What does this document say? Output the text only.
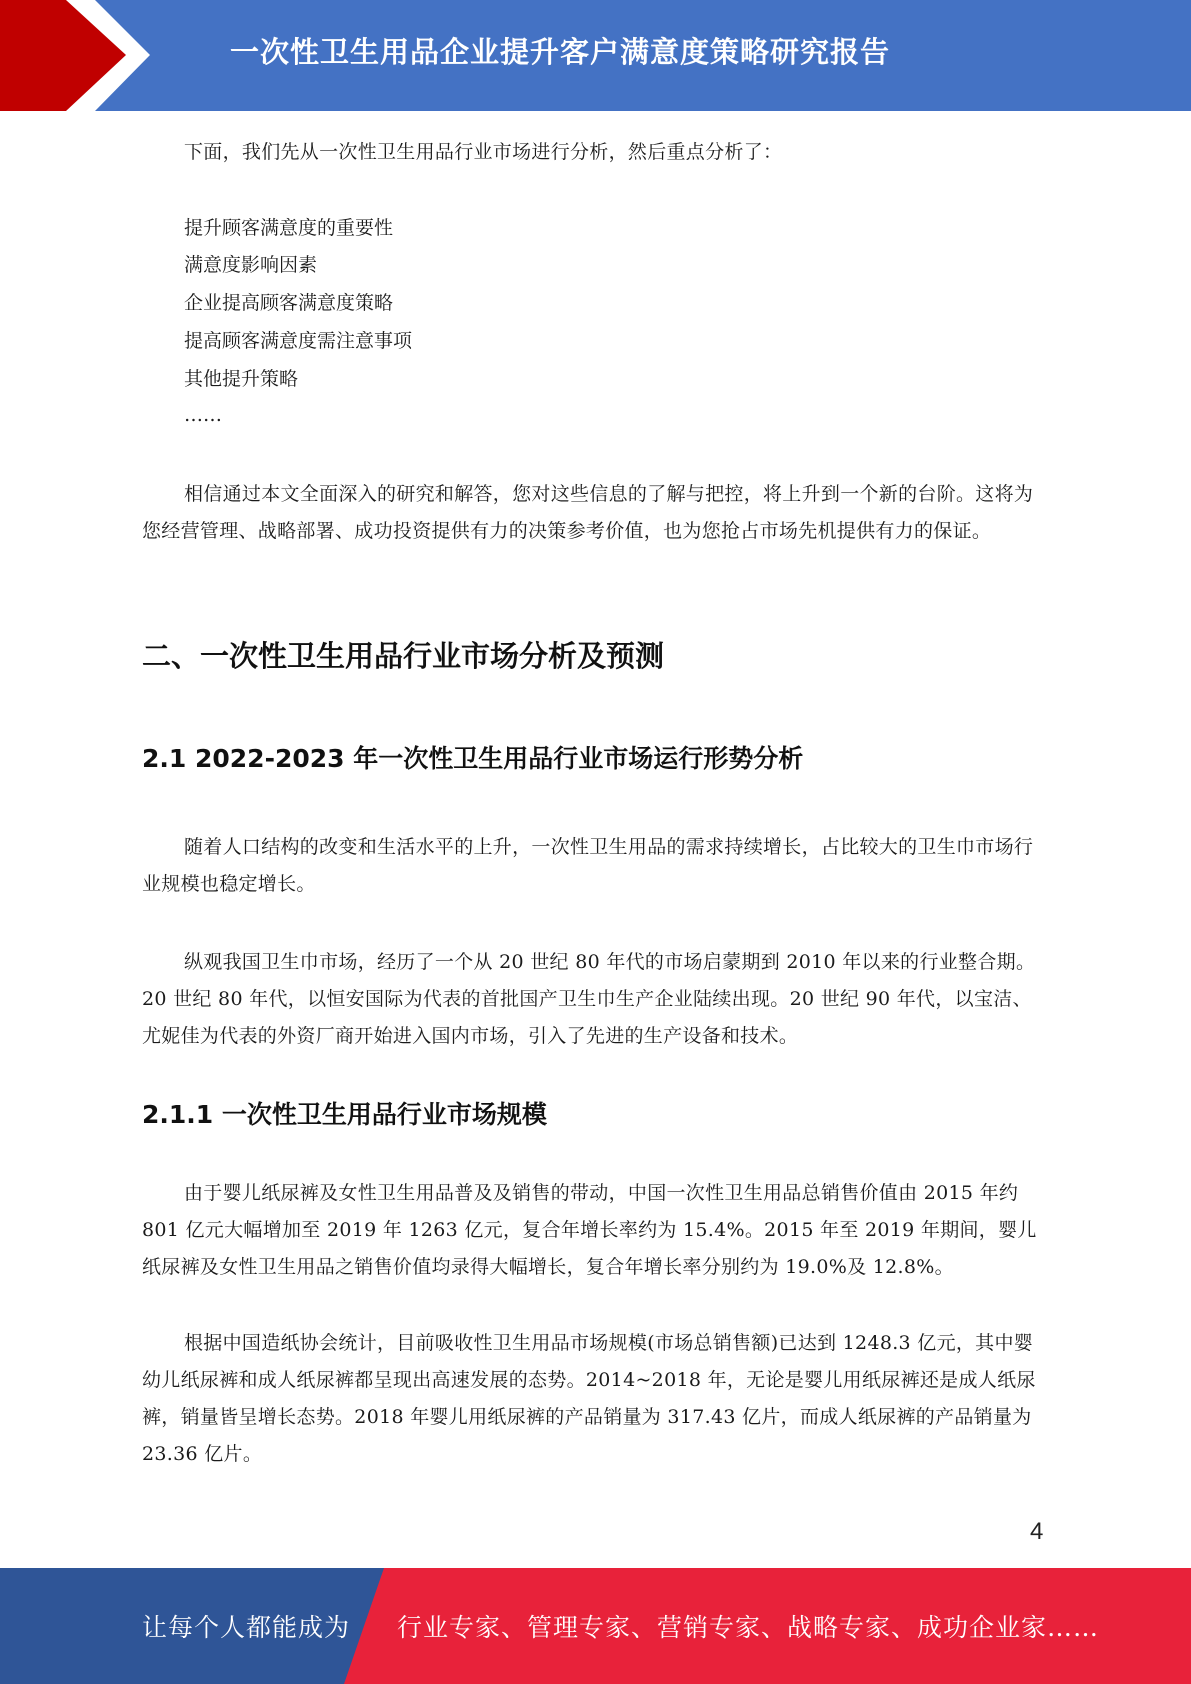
一次性卫生用品企业提升客户满意度策略研究报告

下面，我们先从一次性卫生用品行业市场进行分析，然后重点分析了：

提升顾客满意度的重要性

满意度影响因素

企业提高顾客满意度策略

提高顾客满意度需注意事项

其他提升策略

……

相信通过本文全面深入的研究和解答，您对这些信息的了解与把控，将上升到一个新的台阶。这将为您经营管理、战略部署、成功投资提供有力的决策参考价值，也为您抢占市场先机提供有力的保证。

二、一次性卫生用品行业市场分析及预测
2.1 2022-2023 年一次性卫生用品行业市场运行形势分析

随着人口结构的改变和生活水平的上升，一次性卫生用品的需求持续增长，占比较大的卫生巾市场行业规模也稳定增长。

纵观我国卫生巾市场，经历了一个从 20 世纪 80 年代的市场启蒙期到 2010 年以来的行业整合期。20 世纪 80 年代，以恒安国际为代表的首批国产卫生巾生产企业陆续出现。20 世纪 90 年代，以宝洁、尤妮佳为代表的外资厂商开始进入国内市场，引入了先进的生产设备和技术。

2.1.1 一次性卫生用品行业市场规模

由于婴儿纸尿裤及女性卫生用品普及及销售的带动，中国一次性卫生用品总销售价值由 2015 年约 801 亿元大幅增加至 2019 年 1263 亿元，复合年增长率约为 15.4%。2015 年至 2019 年期间，婴儿纸尿裤及女性卫生用品之销售价值均录得大幅增长，复合年增长率分别约为 19.0%及 12.8%。

根据中国造纸协会统计，目前吸收性卫生用品市场规模(市场总销售额)已达到 1248.3 亿元，其中婴幼儿纸尿裤和成人纸尿裤都呈现出高速发展的态势。2014~2018 年，无论是婴儿用纸尿裤还是成人纸尿裤，销量皆呈增长态势。2018 年婴儿用纸尿裤的产品销量为 317.43 亿片，而成人纸尿裤的产品销量为 23.36 亿片。

4
让每个人都能成为 行业专家、管理专家、营销专家、战略专家、成功企业家……
